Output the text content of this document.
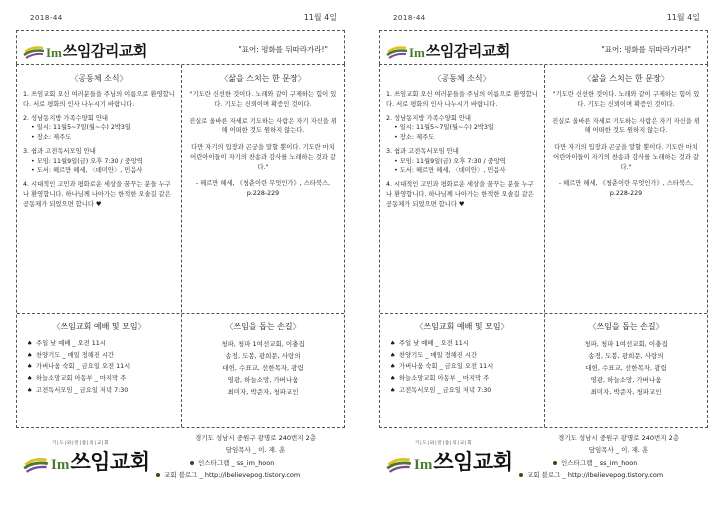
2018-44	11월 4일
Im 쓰임감리교회	"표어: 평화를 뒤따라가라!"
〈공동체 소식〉
1. 쓰임교회 오신 여러분들을 주님의 이름으로 환영합니다. 서로 평화의 인사 나누시기 바랍니다.
2. 성남동지방 가족수양회 안내
• 일시: 11월5~7일(월~수) 2박3일
• 장소: 제주도
3. 쉼과 고전독서모임 안내
• 모임: 11월9일(금) 오후 7:30 / 중앙역
• 도서: 헤르만 헤세, 〈데미안〉, 민음사
4. 시대적인 고민과 평화로운 세상을 꿈꾸는 분들 누구나 환영합니다. 하나님께 나아가는 한적한 오솔길 같은 공동체가 되었으면 합니다 ♥
〈삶을 스치는 한 문장〉

"기도란 신선한 것이다. 노래와 같이 구제하는 힘이 있다. 기도는 신뢰이며 확증인 것이다.

진실로 올바른 자세로 기도하는 사람은 자기 자신을 위해 어떠한 것도 원하지 않는다.

다만 자기의 입장과 곤궁을 말할 뿐이다. 기도란 마치 어린아이들이 자기의 찬송과 감사를 노래하는 것과 같다."

- 헤르만 헤세, 《청춘이란 무엇인가》, 스타북스, p.228-229
〈쓰임교회 예배 및 모임〉
♠ 주일 낮 예배 _ 오전 11시
♠ 찬양기도 _ 매일 정해진 시간
♠ 가버나움 숙회 _ 금요일 오전 11시
♠ 하늘소망교회 아동부 _ 마지막 주
♠ 고전독서모임 _ 금요일 저녁 7:30
〈쓰임을 돕는 손길〉
청파, 청파 1여선교회, 이충집
송정, 도봉, 광희문, 사랑의
대헌, 수표교, 선한목자, 광림
영광, 하늘소망, 가버나움
최미자, 박준자, 청파교인
기|도|와|말|씀|의|교|회
Im 쓰임교회
경기도 성남시 중원구 광명로 240번지 2층
담임목사 _ 이. 재. 훈
인스타그램 _ ss_im_hoon
교회 블로그 _ http://ibelievepog.tistory.com
2018-44	11월 4일
Im 쓰임감리교회	"표어: 평화를 뒤따라가라!"
〈공동체 소식〉
1. 쓰임교회 오신 여러분들을 주님의 이름으로 환영합니다. 서로 평화의 인사 나누시기 바랍니다.
2. 성남동지방 가족수양회 안내
• 일시: 11월5~7일(월~수) 2박3일
• 장소: 제주도
3. 쉼과 고전독서모임 안내
• 모임: 11월9일(금) 오후 7:30 / 중앙역
• 도서: 헤르만 헤세, 〈데미안〉, 민음사
4. 시대적인 고민과 평화로운 세상을 꿈꾸는 분들 누구나 환영합니다. 하나님께 나아가는 한적한 오솔길 같은 공동체가 되었으면 합니다 ♥
〈삶을 스치는 한 문장〉

"기도란 신선한 것이다. 노래와 같이 구제하는 힘이 있다. 기도는 신뢰이며 확증인 것이다.

진실로 올바른 자세로 기도하는 사람은 자기 자신을 위해 어떠한 것도 원하지 않는다.

다만 자기의 입장과 곤궁을 말할 뿐이다. 기도란 마치 어린아이들이 자기의 찬송과 감사를 노래하는 것과 같다."

- 헤르만 헤세, 《청춘이란 무엇인가》, 스타북스, p.228-229
〈쓰임교회 예배 및 모임〉
♠ 주일 낮 예배 _ 오전 11시
♠ 찬양기도 _ 매일 정해진 시간
♠ 가버나움 숙회 _ 금요일 오전 11시
♠ 하늘소망교회 아동부 _ 마지막 주
♠ 고전독서모임 _ 금요일 저녁 7:30
〈쓰임을 돕는 손길〉
청파, 청파 1여선교회, 이충집
송정, 도봉, 광희문, 사랑의
대헌, 수표교, 선한목자, 광림
영광, 하늘소망, 가버나움
최미자, 박준자, 청파교인
기|도|와|말|씀|의|교|회
Im 쓰임교회
경기도 성남시 중원구 광명로 240번지 2층
담임목사 _ 이. 재. 훈
인스타그램 _ ss_im_hoon
교회 블로그 _ http://ibelievepog.tistory.com
